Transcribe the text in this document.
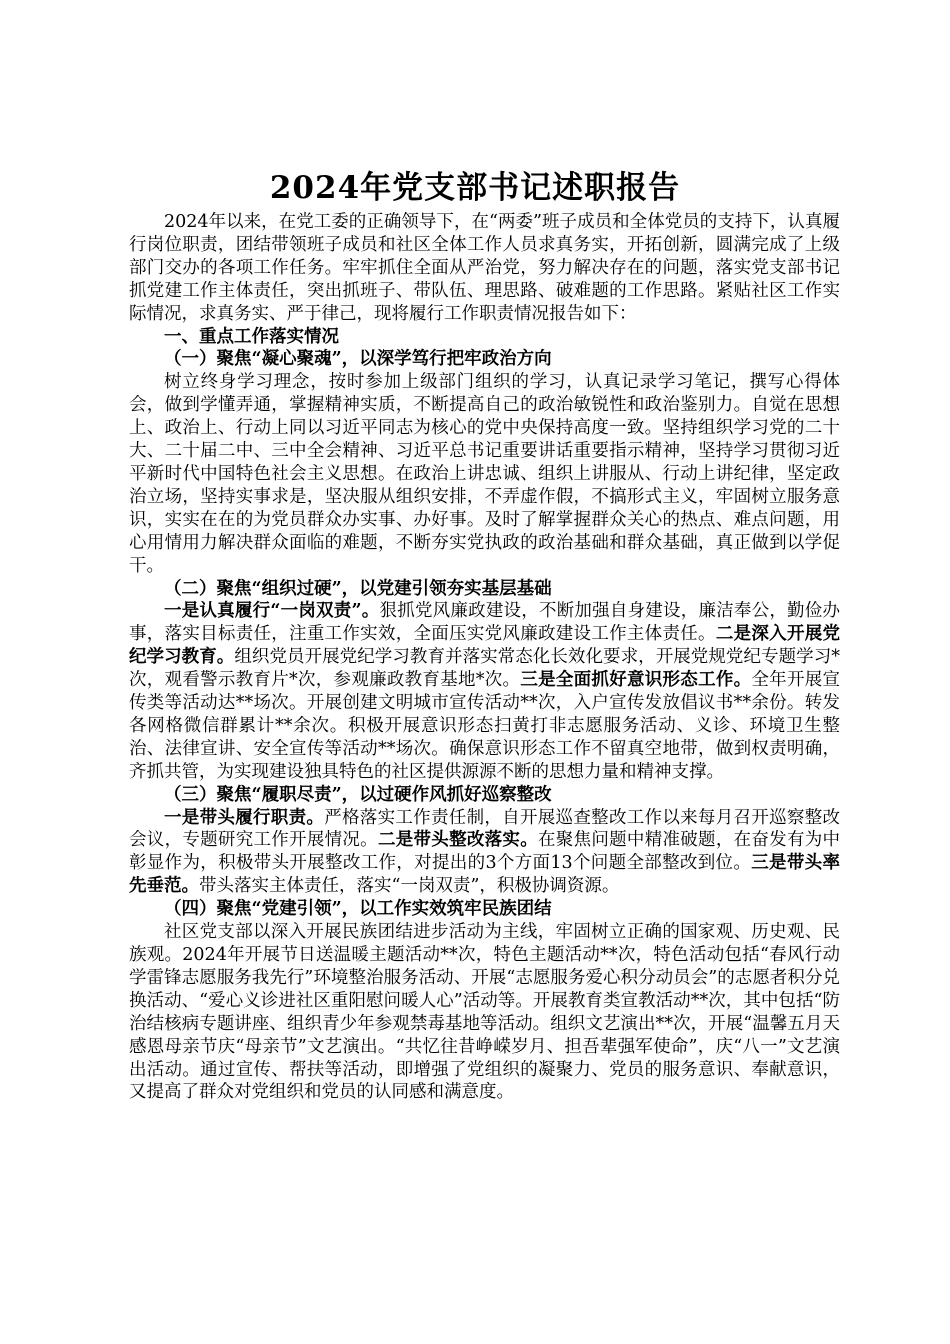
2024年党支部书记述职报告

2024年以来，在党工委的正确领导下，在“两委”班子成员和全体党员的支持下，认真履行岗位职责，团结带领班子成员和社区全体工作人员求真务实，开拓创新，圆满完成了上级部门交办的各项工作任务。牢牢抓住全面从严治党，努力解决存在的问题，落实党支部书记抓党建工作主体责任，突出抓班子、带队伍、理思路、破难题的工作思路。紧贴社区工作实际情况，求真务实、严于律己，现将履行工作职责情况报告如下：

一、重点工作落实情况
（一）聚焦“凝心聚魂”，以深学笃行把牢政治方向

树立终身学习理念，按时参加上级部门组织的学习，认真记录学习笔记，撰写心得体会，做到学懂弄通，掌握精神实质，不断提高自己的政治敏锐性和政治鉴别力。自觉在思想上、政治上、行动上同以习近平同志为核心的党中央保持高度一致。坚持组织学习党的二十大、二十届二中、三中全会精神、习近平总书记重要讲话重要指示精神，坚持学习贯彻习近平新时代中国特色社会主义思想。在政治上讲忠诚、组织上讲服从、行动上讲纪律，坚定政治立场，坚持实事求是，坚决服从组织安排，不弄虚作假，不搞形式主义，牢固树立服务意识，实实在在的为党员群众办实事、办好事。及时了解掌握群众关心的热点、难点问题，用心用情用力解决群众面临的难题，不断夯实党执政的政治基础和群众基础，真正做到以学促干。

（二）聚焦“组织过硬”，以党建引领夯实基层基础

一是认真履行“一岗双责”。狠抓党风廉政建设，不断加强自身建设，廉洁奉公，勤俭办事，落实目标责任，注重工作实效，全面压实党风廉政建设工作主体责任。二是深入开展党纪学习教育。组织党员开展党纪学习教育并落实常态化长效化要求，开展党规党纪专题学习*次，观看警示教育片*次，参观廉政教育基地*次。三是全面抓好意识形态工作。全年开展宣传类等活动达**场次。开展创建文明城市宣传活动**次，入户宣传发放倡议书**余份。转发各网格微信群累计**余次。积极开展意识形态扫黄打非志愿服务活动、义诊、环境卫生整治、法律宣讲、安全宣传等活动**场次。确保意识形态工作不留真空地带，做到权责明确，齐抓共管，为实现建设独具特色的社区提供源源不断的思想力量和精神支撑。

（三）聚焦“履职尽责”，以过硬作风抓好巡察整改

一是带头履行职责。严格落实工作责任制，自开展巡查整改工作以来每月召开巡察整改会议，专题研究工作开展情况。二是带头整改落实。在聚焦问题中精准破题，在奋发有为中彰显作为，积极带头开展整改工作，对提出的3个方面13个问题全部整改到位。三是带头率先垂范。带头落实主体责任，落实“一岗双责”，积极协调资源。

（四）聚焦“党建引领”，以工作实效筑牢民族团结

社区党支部以深入开展民族团结进步活动为主线，牢固树立正确的国家观、历史观、民族观。2024年开展节日送温暖主题活动**次，特色主题活动**次，特色活动包括“春风行动学雷锋志愿服务我先行”环境整治服务活动、开展“志愿服务爱心积分动员会”的志愿者积分兑换活动、“爱心义诊进社区重阳慰问暖人心”活动等。开展教育类宣教活动**次，其中包括“防治结核病专题讲座、组织青少年参观禁毒基地等活动。组织文艺演出**次，开展“温馨五月天感恩母亲节庆“母亲节”文艺演出。“共忆往昔峥嵘岁月、担吾辈强军使命”，庆“八一”文艺演出活动。通过宣传、帮扶等活动，即增强了党组织的凝聚力、党员的服务意识、奉献意识，又提高了群众对党组织和党员的认同感和满意度。
